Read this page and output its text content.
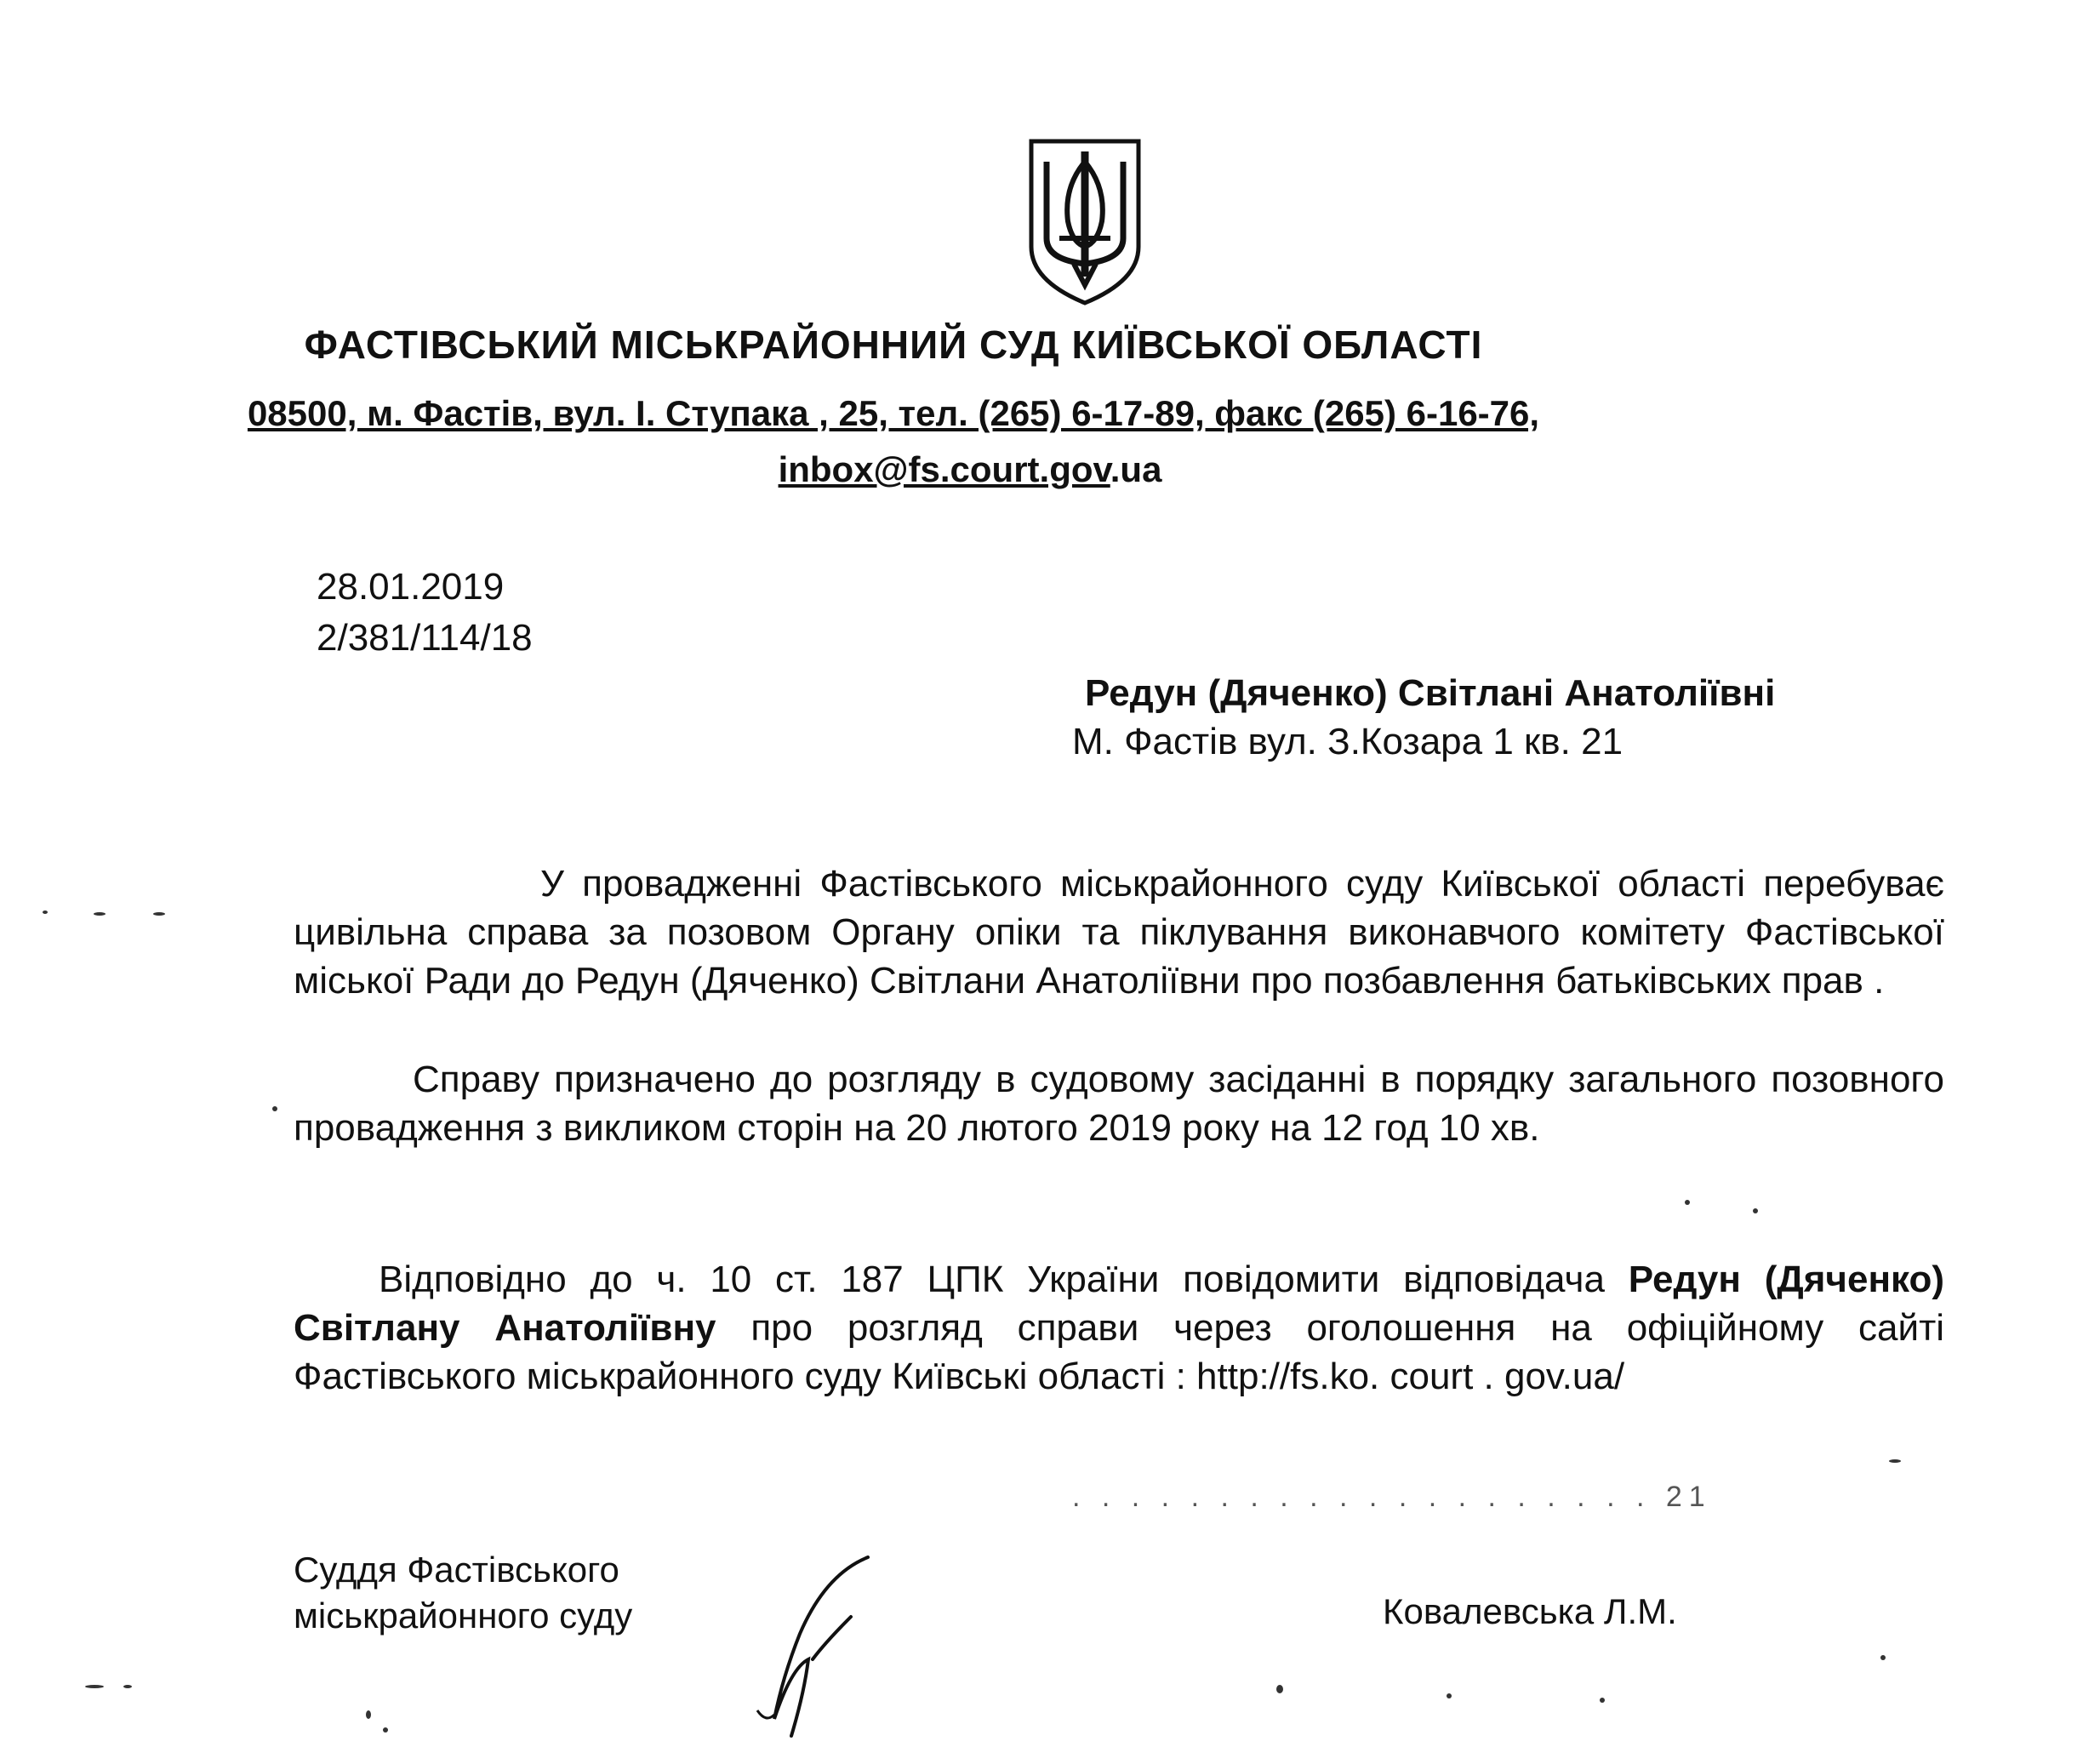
ФАСТІВСЬКИЙ МІСЬКРАЙОННИЙ СУД КИЇВСЬКОЇ ОБЛАСТІ
08500, м. Фастів, вул. І. Ступака , 25, тел. (265) 6-17-89, факс (265) 6-16-76,
inbox@fs.court.gov.ua
28.01.2019
2/381/114/18
Редун (Дяченко) Світлані Анатоліївні
М. Фастів вул. З.Козара 1 кв. 21
У провадженні Фастівського міськрайонного суду Київської області перебуває цивільна справа за позовом Органу опіки та піклування виконавчого комітету Фастівської міської Ради до Редун (Дяченко) Світлани Анатоліївни про позбавлення батьківських прав .
Справу призначено до розгляду в судовому засіданні в порядку загального позовного провадження з викликом сторін на 20 лютого 2019 року на 12 год 10 хв.
Відповідно до ч. 10 ст. 187 ЦПК України повідомити відповідача Редун (Дяченко) Світлану Анатоліївну про розгляд справи через оголошення на офіційному сайті Фастівського міськрайонного суду Київські області : http://fs.ko. court . gov.ua/
. . . . . . . . . . . . . . . . . . . . 21
Суддя Фастівського
міськрайонного суду	Ковалевська Л.М.
